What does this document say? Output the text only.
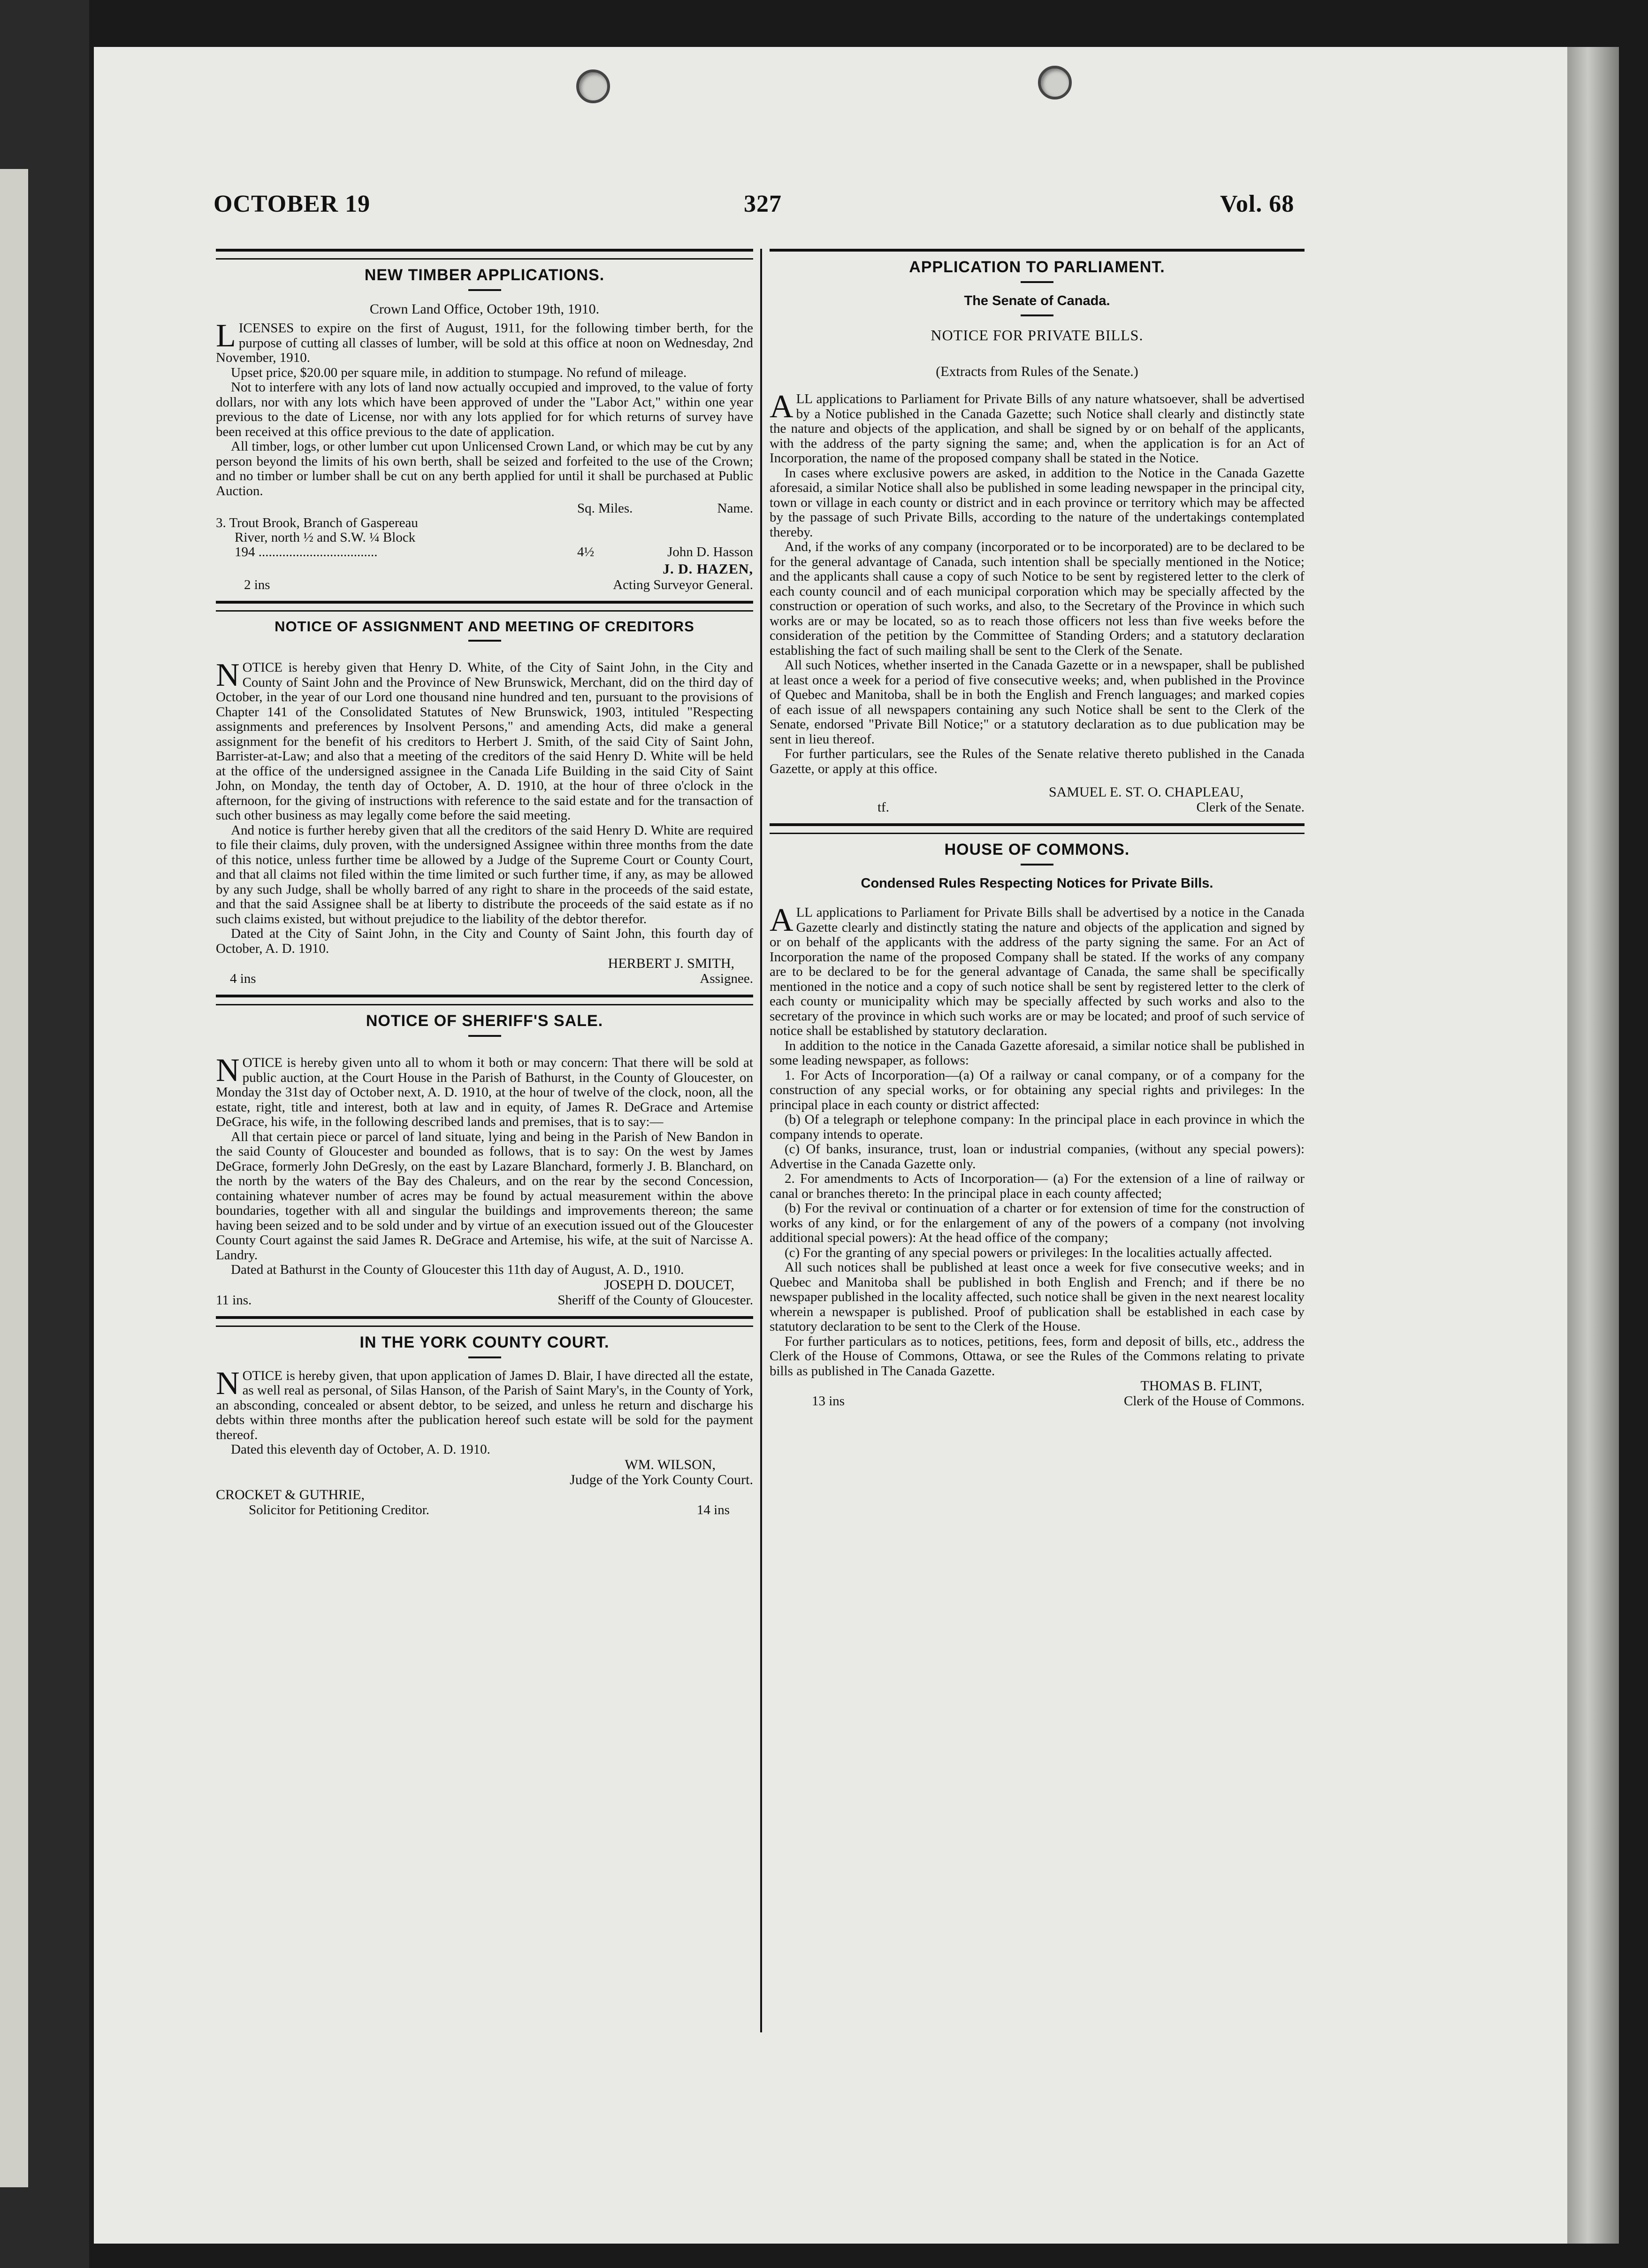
OCTOBER 19	327	Vol. 68
NEW TIMBER APPLICATIONS.
Crown Land Office, October 19th, 1910.

LICENSES to expire on the first of August, 1911, for the following timber berth, for the purpose of cutting all classes of lumber, will be sold at this office at noon on Wednesday, 2nd November, 1910.

Upset price, $20.00 per square mile, in addition to stumpage. No refund of mileage.

Not to interfere with any lots of land now actually occupied and improved, to the value of forty dollars, nor with any lots which have been approved of under the "Labor Act," within one year previous to the date of License, nor with any lots applied for for which returns of survey have been received at this office previous to the date of application.

All timber, logs, or other lumber cut upon Unlicensed Crown Land, or which may be cut by any person beyond the limits of his own berth, shall be seized and forfeited to the use of the Crown; and no timber or lumber shall be cut on any berth applied for until it shall be purchased at Public Auction.

Sq. Miles.	Name.
3. Trout Brook, Branch of Gaspereau
River, north ½ and S.W. ¼ Block
194 ...................................	4½	John D. Hasson
J. D. HAZEN,
2 ins	Acting Surveyor General.
NOTICE OF ASSIGNMENT AND MEETING OF CREDITORS

NOTICE is hereby given that Henry D. White, of the City of Saint John, in the City and County of Saint John and the Province of New Brunswick, Merchant, did on the third day of October, in the year of our Lord one thousand nine hundred and ten, pursuant to the provisions of Chapter 141 of the Consolidated Statutes of New Brunswick, 1903, intituled "Respecting assignments and preferences by Insolvent Persons," and amending Acts, did make a general assignment for the benefit of his creditors to Herbert J. Smith, of the said City of Saint John, Barrister-at-Law; and also that a meeting of the creditors of the said Henry D. White will be held at the office of the undersigned assignee in the Canada Life Building in the said City of Saint John, on Monday, the tenth day of October, A. D. 1910, at the hour of three o'clock in the afternoon, for the giving of instructions with reference to the said estate and for the transaction of such other business as may legally come before the said meeting.

And notice is further hereby given that all the creditors of the said Henry D. White are required to file their claims, duly proven, with the undersigned Assignee within three months from the date of this notice, unless further time be allowed by a Judge of the Supreme Court or County Court, and that all claims not filed within the time limited or such further time, if any, as may be allowed by any such Judge, shall be wholly barred of any right to share in the proceeds of the said estate, and that the said Assignee shall be at liberty to distribute the proceeds of the said estate as if no such claims existed, but without prejudice to the liability of the debtor therefor.

Dated at the City of Saint John, in the City and County of Saint John, this fourth day of October, A. D. 1910.

HERBERT J. SMITH,
4 ins	Assignee.
NOTICE OF SHERIFF'S SALE.

NOTICE is hereby given unto all to whom it both or may concern: That there will be sold at public auction, at the Court House in the Parish of Bathurst, in the County of Gloucester, on Monday the 31st day of October next, A. D. 1910, at the hour of twelve of the clock, noon, all the estate, right, title and interest, both at law and in equity, of James R. DeGrace and Artemise DeGrace, his wife, in the following described lands and premises, that is to say:—

All that certain piece or parcel of land situate, lying and being in the Parish of New Bandon in the said County of Gloucester and bounded as follows, that is to say: On the west by James DeGrace, formerly John DeGresly, on the east by Lazare Blanchard, formerly J. B. Blanchard, on the north by the waters of the Bay des Chaleurs, and on the rear by the second Concession, containing whatever number of acres may be found by actual measurement within the above boundaries, together with all and singular the buildings and improvements thereon; the same having been seized and to be sold under and by virtue of an execution issued out of the Gloucester County Court against the said James R. DeGrace and Artemise, his wife, at the suit of Narcisse A. Landry.

Dated at Bathurst in the County of Gloucester this 11th day of August, A. D., 1910.

JOSEPH D. DOUCET,
11 ins.	Sheriff of the County of Gloucester.
IN THE YORK COUNTY COURT.

NOTICE is hereby given, that upon application of James D. Blair, I have directed all the estate, as well real as personal, of Silas Hanson, of the Parish of Saint Mary's, in the County of York, an absconding, concealed or absent debtor, to be seized, and unless he return and discharge his debts within three months after the publication hereof such estate will be sold for the payment thereof.

Dated this eleventh day of October, A. D. 1910.

WM. WILSON,
Judge of the York County Court.
CROCKET & GUTHRIE,
Solicitor for Petitioning Creditor.	14 ins
APPLICATION TO PARLIAMENT.
The Senate of Canada.
NOTICE FOR PRIVATE BILLS.
(Extracts from Rules of the Senate.)

ALL applications to Parliament for Private Bills of any nature whatsoever, shall be advertised by a Notice published in the Canada Gazette; such Notice shall clearly and distinctly state the nature and objects of the application, and shall be signed by or on behalf of the applicants, with the address of the party signing the same; and, when the application is for an Act of Incorporation, the name of the proposed company shall be stated in the Notice.

In cases where exclusive powers are asked, in addition to the Notice in the Canada Gazette aforesaid, a similar Notice shall also be published in some leading newspaper in the principal city, town or village in each county or district and in each province or territory which may be affected by the passage of such Private Bills, according to the nature of the undertakings contemplated thereby.

And, if the works of any company (incorporated or to be incorporated) are to be declared to be for the general advantage of Canada, such intention shall be specially mentioned in the Notice; and the applicants shall cause a copy of such Notice to be sent by registered letter to the clerk of each county council and of each municipal corporation which may be specially affected by the construction or operation of such works, and also, to the Secretary of the Province in which such works are or may be located, so as to reach those officers not less than five weeks before the consideration of the petition by the Committee of Standing Orders; and a statutory declaration establishing the fact of such mailing shall be sent to the Clerk of the Senate.

All such Notices, whether inserted in the Canada Gazette or in a newspaper, shall be published at least once a week for a period of five consecutive weeks; and, when published in the Province of Quebec and Manitoba, shall be in both the English and French languages; and marked copies of each issue of all newspapers containing any such Notice shall be sent to the Clerk of the Senate, endorsed "Private Bill Notice;" or a statutory declaration as to due publication may be sent in lieu thereof.

For further particulars, see the Rules of the Senate relative thereto published in the Canada Gazette, or apply at this office.

SAMUEL E. ST. O. CHAPLEAU,
tf.	Clerk of the Senate.
HOUSE OF COMMONS.
Condensed Rules Respecting Notices for Private Bills.

ALL applications to Parliament for Private Bills shall be advertised by a notice in the Canada Gazette clearly and distinctly stating the nature and objects of the application and signed by or on behalf of the applicants with the address of the party signing the same. For an Act of Incorporation the name of the proposed Company shall be stated. If the works of any company are to be declared to be for the general advantage of Canada, the same shall be specifically mentioned in the notice and a copy of such notice shall be sent by registered letter to the clerk of each county or municipality which may be specially affected by such works and also to the secretary of the province in which such works are or may be located; and proof of such service of notice shall be established by statutory declaration.

In addition to the notice in the Canada Gazette aforesaid, a similar notice shall be published in some leading newspaper, as follows:

1. For Acts of Incorporation—(a) Of a railway or canal company, or of a company for the construction of any special works, or for obtaining any special rights and privileges: In the principal place in each county or district affected:

(b) Of a telegraph or telephone company: In the principal place in each province in which the company intends to operate.

(c) Of banks, insurance, trust, loan or industrial companies, (without any special powers): Advertise in the Canada Gazette only.

2. For amendments to Acts of Incorporation— (a) For the extension of a line of railway or canal or branches thereto: In the principal place in each county affected;

(b) For the revival or continuation of a charter or for extension of time for the construction of works of any kind, or for the enlargement of any of the powers of a company (not involving additional special powers): At the head office of the company;

(c) For the granting of any special powers or privileges: In the localities actually affected.

All such notices shall be published at least once a week for five consecutive weeks; and in Quebec and Manitoba shall be published in both English and French; and if there be no newspaper published in the locality affected, such notice shall be given in the next nearest locality wherein a newspaper is published. Proof of publication shall be established in each case by statutory declaration to be sent to the Clerk of the House.

For further particulars as to notices, petitions, fees, form and deposit of bills, etc., address the Clerk of the House of Commons, Ottawa, or see the Rules of the Commons relating to private bills as published in The Canada Gazette.

THOMAS B. FLINT,
13 ins	Clerk of the House of Commons.
